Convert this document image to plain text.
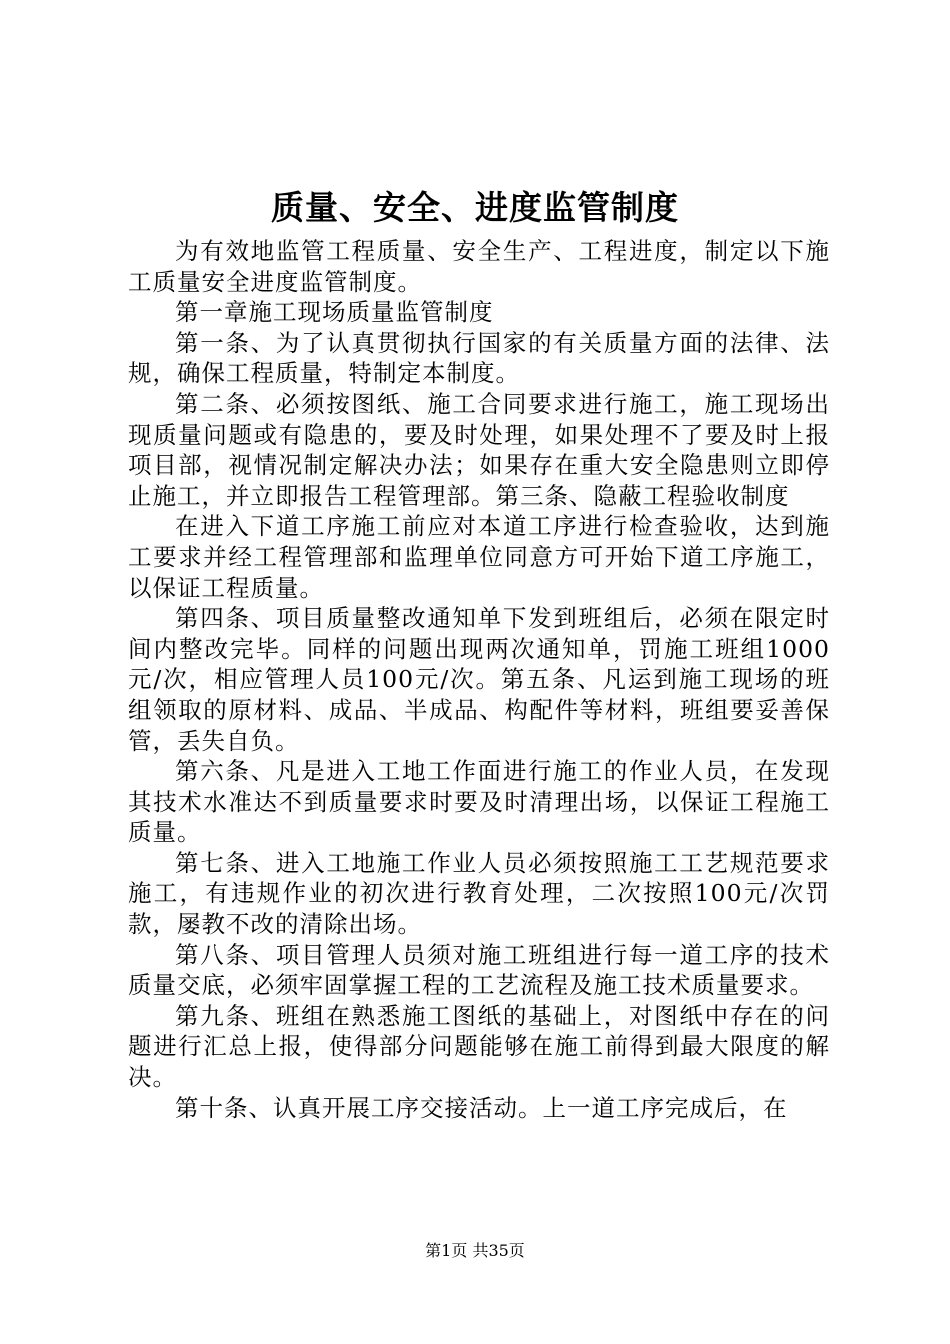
质量、安全、进度监管制度

为有效地监管工程质量、安全生产、工程进度，制定以下施工质量安全进度监管制度。

第一章施工现场质量监管制度

第一条、为了认真贯彻执行国家的有关质量方面的法律、法规，确保工程质量，特制定本制度。

第二条、必须按图纸、施工合同要求进行施工，施工现场出现质量问题或有隐患的，要及时处理，如果处理不了要及时上报项目部，视情况制定解决办法；如果存在重大安全隐患则立即停止施工，并立即报告工程管理部。第三条、隐蔽工程验收制度

在进入下道工序施工前应对本道工序进行检查验收，达到施工要求并经工程管理部和监理单位同意方可开始下道工序施工，以保证工程质量。

第四条、项目质量整改通知单下发到班组后，必须在限定时间内整改完毕。同样的问题出现两次通知单，罚施工班组1000元/次，相应管理人员100元/次。第五条、凡运到施工现场的班组领取的原材料、成品、半成品、构配件等材料，班组要妥善保管，丢失自负。

第六条、凡是进入工地工作面进行施工的作业人员，在发现其技术水准达不到质量要求时要及时清理出场，以保证工程施工质量。

第七条、进入工地施工作业人员必须按照施工工艺规范要求施工，有违规作业的初次进行教育处理，二次按照100元/次罚款，屡教不改的清除出场。

第八条、项目管理人员须对施工班组进行每一道工序的技术质量交底，必须牢固掌握工程的工艺流程及施工技术质量要求。

第九条、班组在熟悉施工图纸的基础上，对图纸中存在的问题进行汇总上报，使得部分问题能够在施工前得到最大限度的解决。

第十条、认真开展工序交接活动。上一道工序完成后，在

第1页 共35页
